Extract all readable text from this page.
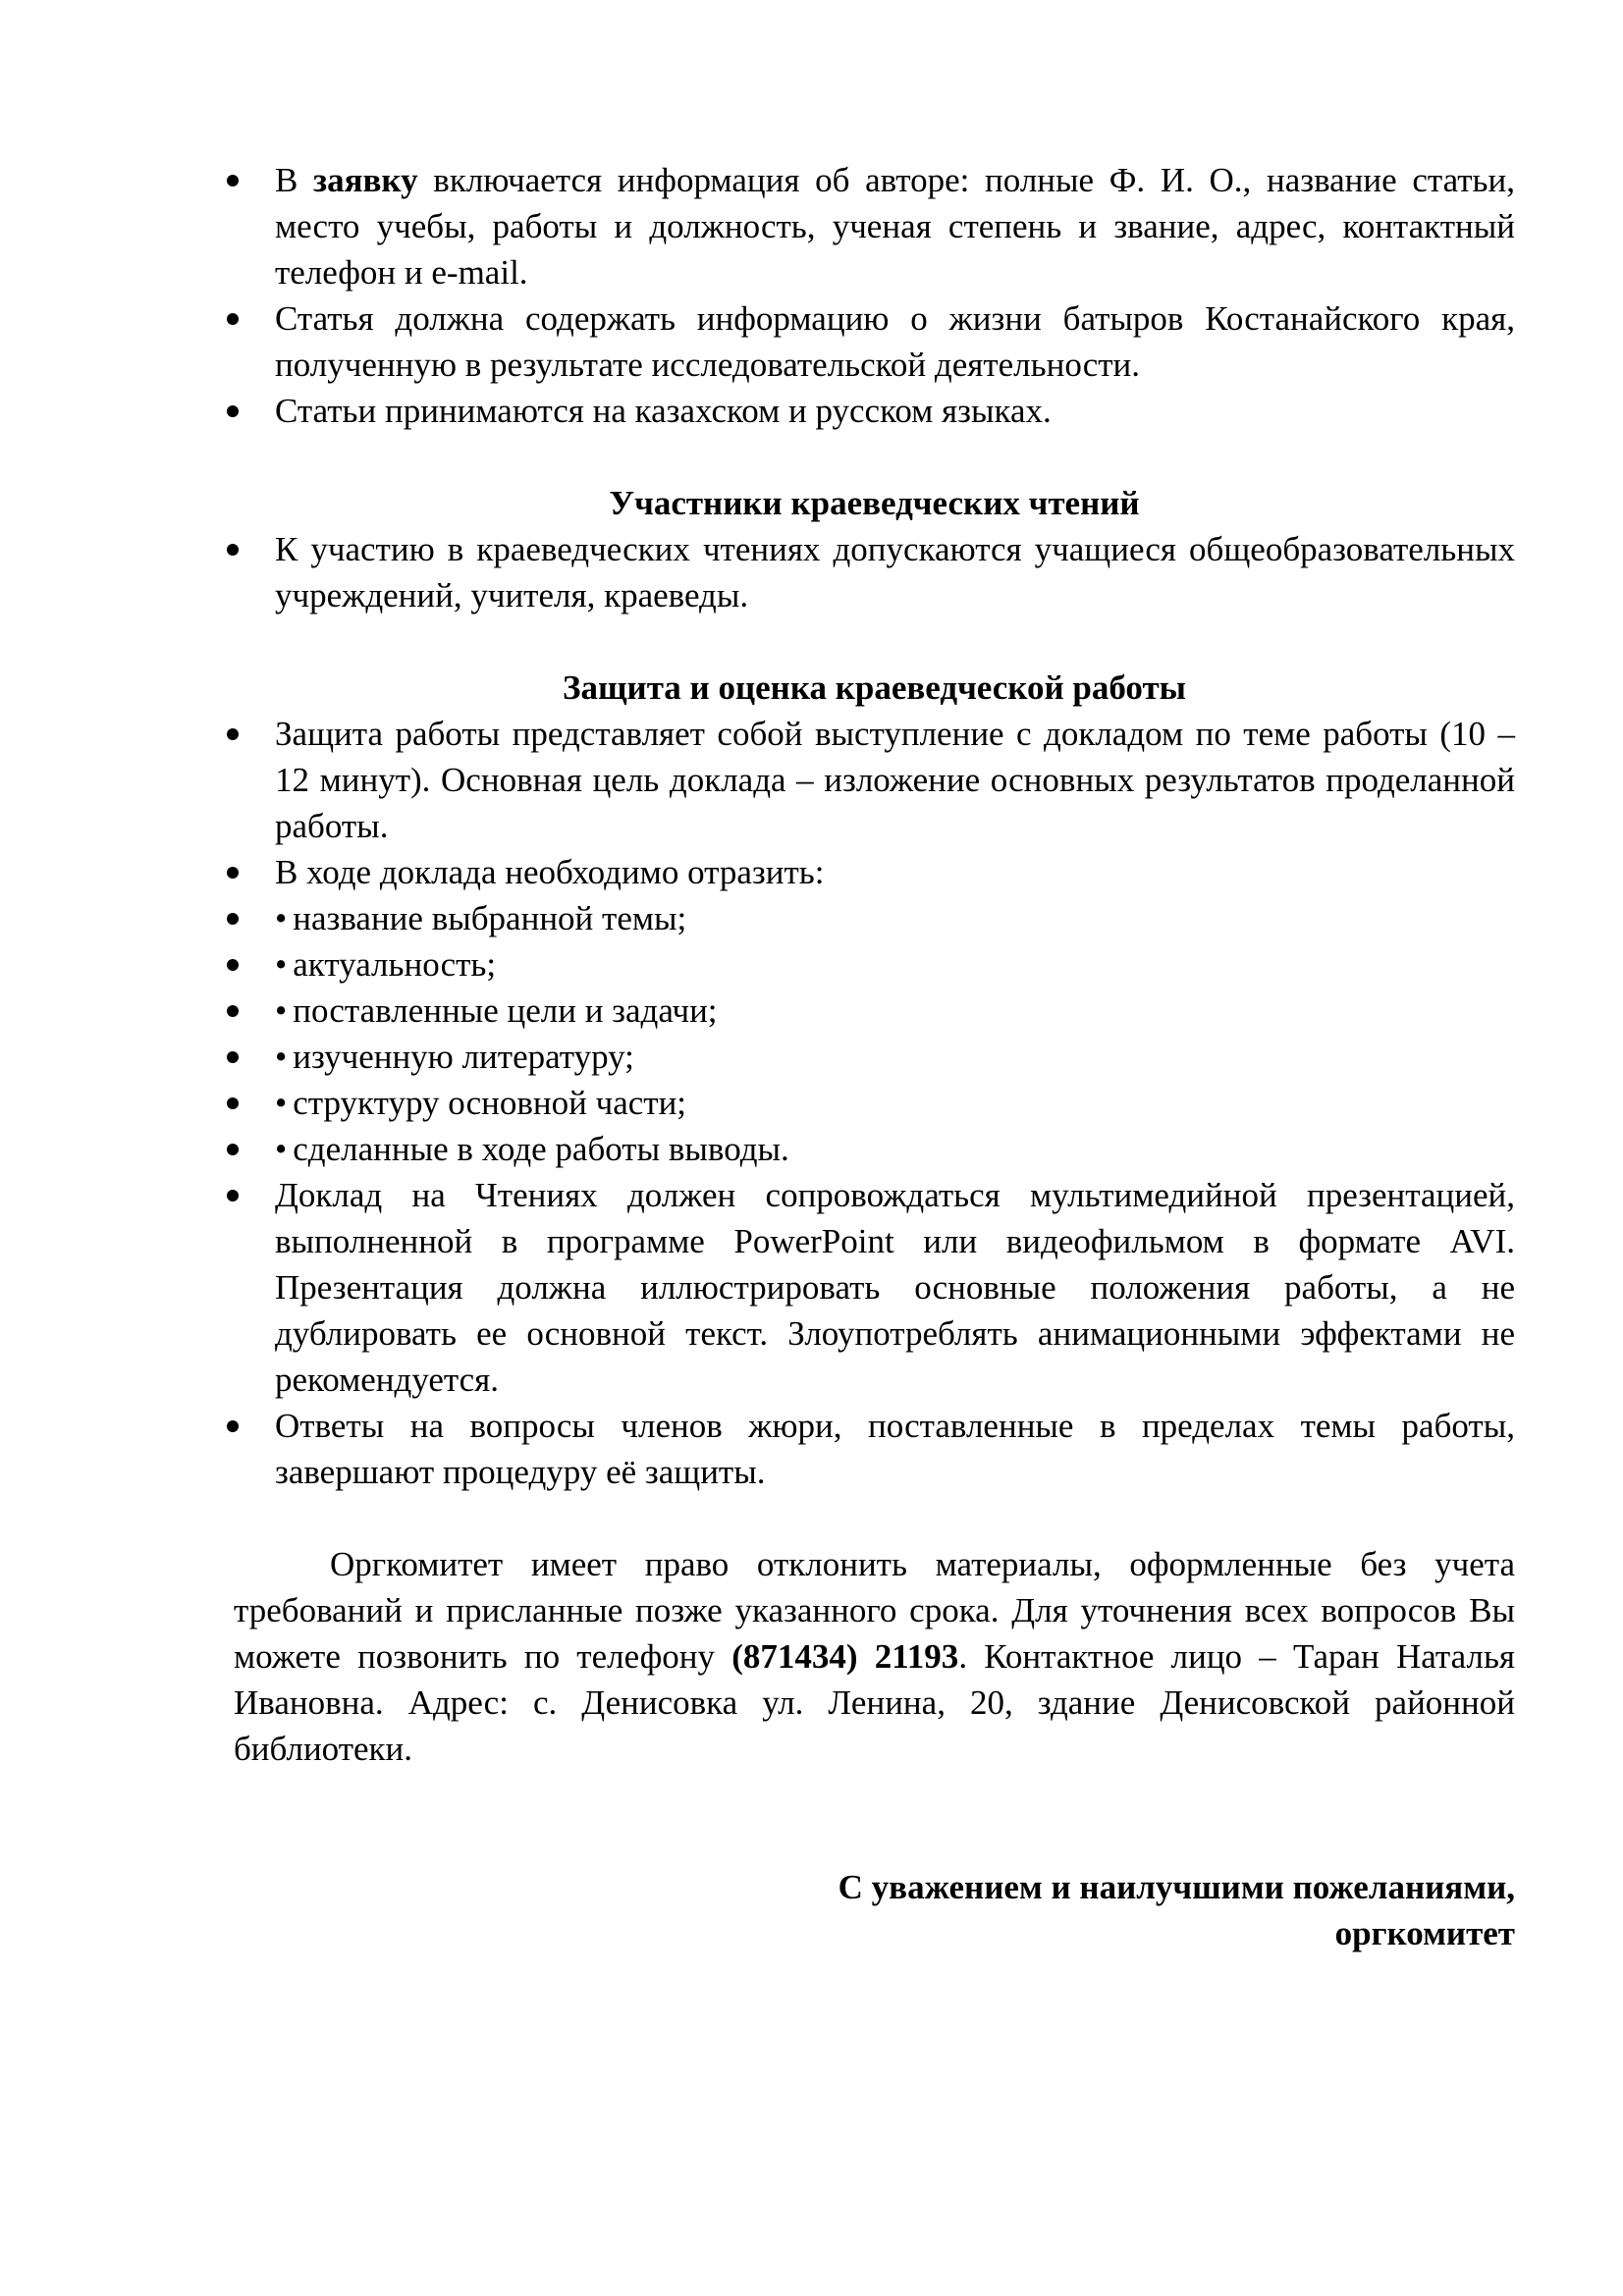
В заявку включается информация об авторе: полные Ф. И. О., название статьи, место учебы, работы и должность, ученая степень и звание, адрес, контактный телефон и e-mail.
Статья должна содержать информацию о жизни батыров Костанайского края, полученную в результате исследовательской деятельности.
Статьи принимаются на казахском и русском языках.

Участники краеведческих чтений

К участию в краеведческих чтениях допускаются учащиеся общеобразовательных учреждений, учителя, краеведы.

Защита и оценка краеведческой работы

Защита работы представляет собой выступление с докладом по теме работы (10 – 12 минут). Основная цель доклада – изложение основных результатов проделанной работы.
В ходе доклада необходимо отразить:
• название выбранной темы;
• актуальность;
• поставленные цели и задачи;
• изученную литературу;
• структуру основной части;
• сделанные в ходе работы выводы.
Доклад на Чтениях должен сопровождаться мультимедийной презентацией, выполненной в программе PowerPoint или видеофильмом в формате AVI. Презентация должна иллюстрировать основные положения работы, а не дублировать ее основной текст. Злоупотреблять анимационными эффектами не рекомендуется.
Ответы на вопросы членов жюри, поставленные в пределах темы работы, завершают процедуру её защиты.

Оргкомитет имеет право отклонить материалы, оформленные без учета требований и присланные позже указанного срока. Для уточнения всех вопросов Вы можете позвонить по телефону (871434) 21193. Контактное лицо – Таран Наталья Ивановна. Адрес: с. Денисовка ул. Ленина, 20, здание Денисовской районной библиотеки.

С уважением и наилучшими пожеланиями,

оргкомитет
